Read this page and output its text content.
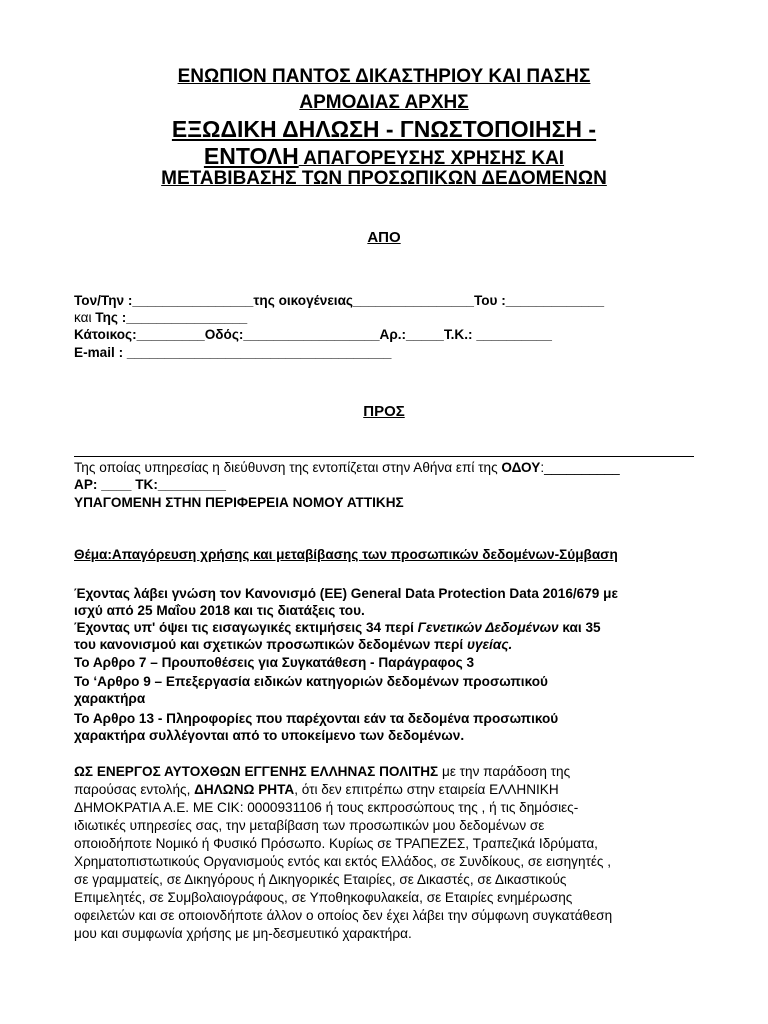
ΕΝΩΠΙΟΝ ΠΑΝΤΟΣ ΔΙΚΑΣΤΗΡΙΟΥ ΚΑΙ ΠΑΣΗΣ
ΑΡΜΟΔΙΑΣ ΑΡΧΗΣ
ΕΞΩΔΙΚΗ ΔΗΛΩΣΗ - ΓΝΩΣΤΟΠΟΙΗΣΗ -
ΕΝΤΟΛΗ ΑΠΑΓΟΡΕΥΣΗΣ ΧΡΗΣΗΣ ΚΑΙ
ΜΕΤΑΒΙΒΑΣΗΣ ΤΩΝ ΠΡΟΣΩΠΙΚΩΝ ΔΕΔΟΜΕΝΩΝ
ΑΠΟ
Τον/Την :________________της οικογένειας________________Του :_____________
και Της :________________
Κάτοικος:_________Οδός:__________________Αρ.:_____Τ.Κ.: __________
E-mail : ___________________________________
ΠΡΟΣ
Της οποίας υπηρεσίας η διεύθυνση της εντοπίζεται στην Αθήνα επί της ΟΔΟΥ:__________
ΑΡ: ____ ΤΚ:_________
ΥΠΑΓΟΜΕΝΗ ΣΤΗΝ ΠΕΡΙΦΕΡΕΙΑ ΝΟΜΟΥ ΑΤΤΙΚΗΣ
Θέμα:Απαγόρευση χρήσης και μεταβίβασης των προσωπικών δεδομένων-Σύμβαση
Έχοντας λάβει γνώση τον Κανονισμό (ΕΕ) General Data Protection Data 2016/679 με
ισχύ από 25 Μαΐου 2018 και τις διατάξεις του.
Έχοντας υπ' όψει τις εισαγωγικές εκτιμήσεις 34 περί Γενετικών Δεδομένων και 35
του κανονισμού και σχετικών προσωπικών δεδομένων περί υγείας.
Το Αρθρο 7 – Προυποθέσεις για Συγκατάθεση - Παράγραφος 3
Το ‘Αρθρο 9 – Επεξεργασία ειδικών κατηγοριών δεδομένων προσωπικού
χαρακτήρα
Το Αρθρο 13 - Πληροφορίες που παρέχονται εάν τα δεδομένα προσωπικού
χαρακτήρα συλλέγονται από το υποκείμενο των δεδομένων.
ΩΣ ΕΝΕΡΓΟΣ ΑΥΤΟΧΘΩΝ ΕΓΓΕΝΗΣ ΕΛΛΗΝΑΣ ΠΟΛΙΤΗΣ με την παράδοση της
παρούσας εντολής, ΔΗΛΩΝΩ ΡΗΤΑ, ότι δεν επιτρέπω στην εταιρεία ΕΛΛΗΝΙΚΗ
ΔΗΜΟΚΡΑΤΙΑ Α.Ε. ΜΕ CIK: 0000931106 ή τους εκπροσώπους της , ή τις δημόσιες-
ιδιωτικές υπηρεσίες σας, την μεταβίβαση των προσωπικών μου δεδομένων σε
οποιοδήποτε Νομικό ή Φυσικό Πρόσωπο. Κυρίως σε ΤΡΑΠΕΖΕΣ, Τραπεζικά Ιδρύματα,
Χρηματοπιστωτικούς Οργανισμούς εντός και εκτός Ελλάδος, σε Συνδίκους, σε εισηγητές ,
σε γραμματείς, σε Δικηγόρους ή Δικηγορικές Εταιρίες, σε Δικαστές, σε Δικαστικούς
Επιμελητές, σε Συμβολαιογράφους, σε Υποθηκοφυλακεία, σε Εταιρίες ενημέρωσης
οφειλετών και σε οποιονδήποτε άλλον ο οποίος δεν έχει λάβει την σύμφωνη συγκατάθεση
μου και συμφωνία χρήσης με μη-δεσμευτικό χαρακτήρα.
